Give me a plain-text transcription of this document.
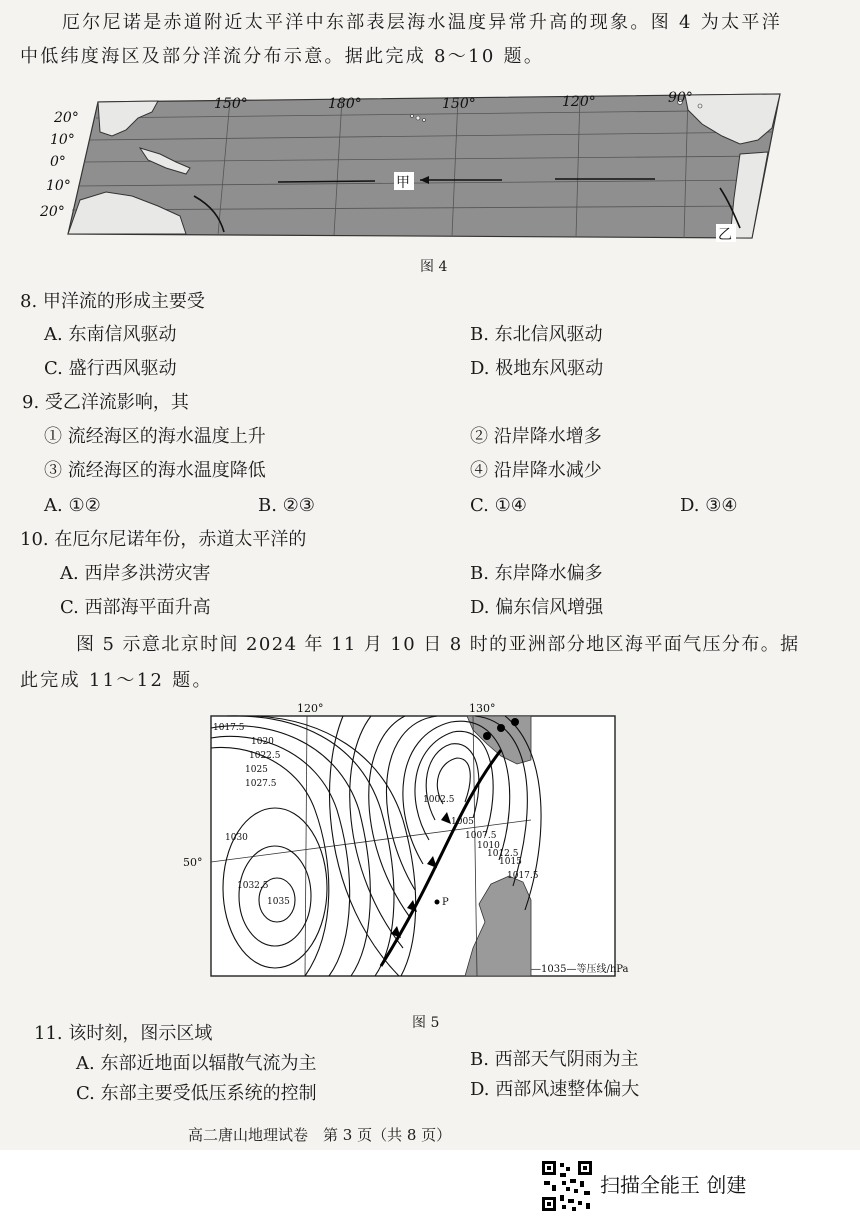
厄尔尼诺是赤道附近太平洋中东部表层海水温度异常升高的现象。图 4 为太平洋
中低纬度海区及部分洋流分布示意。据此完成 8～10 题。
150°	180°	150°	120°	90°
20°
10°
0°
10°
20°
甲
乙
图 4
8. 甲洋流的形成主要受
A. 东南信风驱动	B. 东北信风驱动
C. 盛行西风驱动	D. 极地东风驱动
9. 受乙洋流影响，其
① 流经海区的海水温度上升	② 沿岸降水增多
③ 流经海区的海水温度降低	④ 沿岸降水减少
A. ①②	B. ②③	C. ①④	D. ③④
10. 在厄尔尼诺年份，赤道太平洋的
A. 西岸多洪涝灾害	B. 东岸降水偏多
C. 西部海平面升高	D. 偏东信风增强
图 5 示意北京时间 2024 年 11 月 10 日 8 时的亚洲部分地区海平面气压分布。据
此完成 11～12 题。
P
120°	130°
50°
1017.5
1020
1022.5
1025
1027.5
1030
1032.5
1035
1002.5
1005
1007.5
1010
1012.5
1015
1017.5
—1035—等压线/hPa
图 5
11. 该时刻，图示区域
A. 东部近地面以辐散气流为主	B. 西部天气阴雨为主
C. 东部主要受低压系统的控制	D. 西部风速整体偏大
高二唐山地理试卷　第 3 页（共 8 页）
扫描全能王 创建
